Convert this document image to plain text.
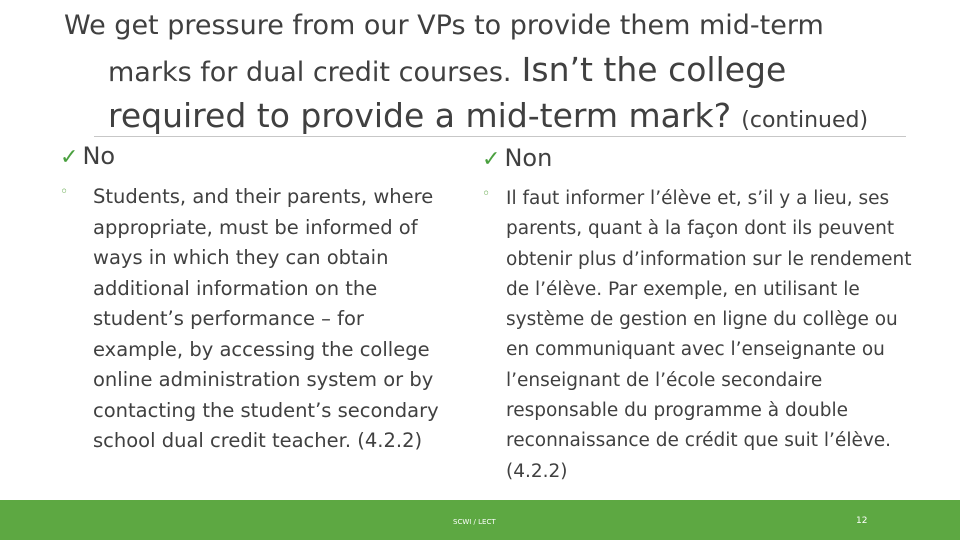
We get pressure from our VPs to provide them mid-term
marks for dual credit courses. Isn’t the college
required to provide a mid-term mark? (continued)
✓ No
◦ Students, and their parents, where appropriate, must be informed of ways in which they can obtain additional information on the student’s performance – for example, by accessing the college online administration system or by contacting the student’s secondary school dual credit teacher. (4.2.2)
✓ Non
◦ Il faut informer l’élève et, s’il y a lieu, ses parents, quant à la façon dont ils peuvent obtenir plus d’information sur le rendement de l’élève. Par exemple, en utilisant le système de gestion en ligne du collège ou en communiquant avec l’enseignante ou l’enseignant de l’école secondaire responsable du programme à double reconnaissance de crédit que suit l’élève.(4.2.2)
SCWI / LECT	12
